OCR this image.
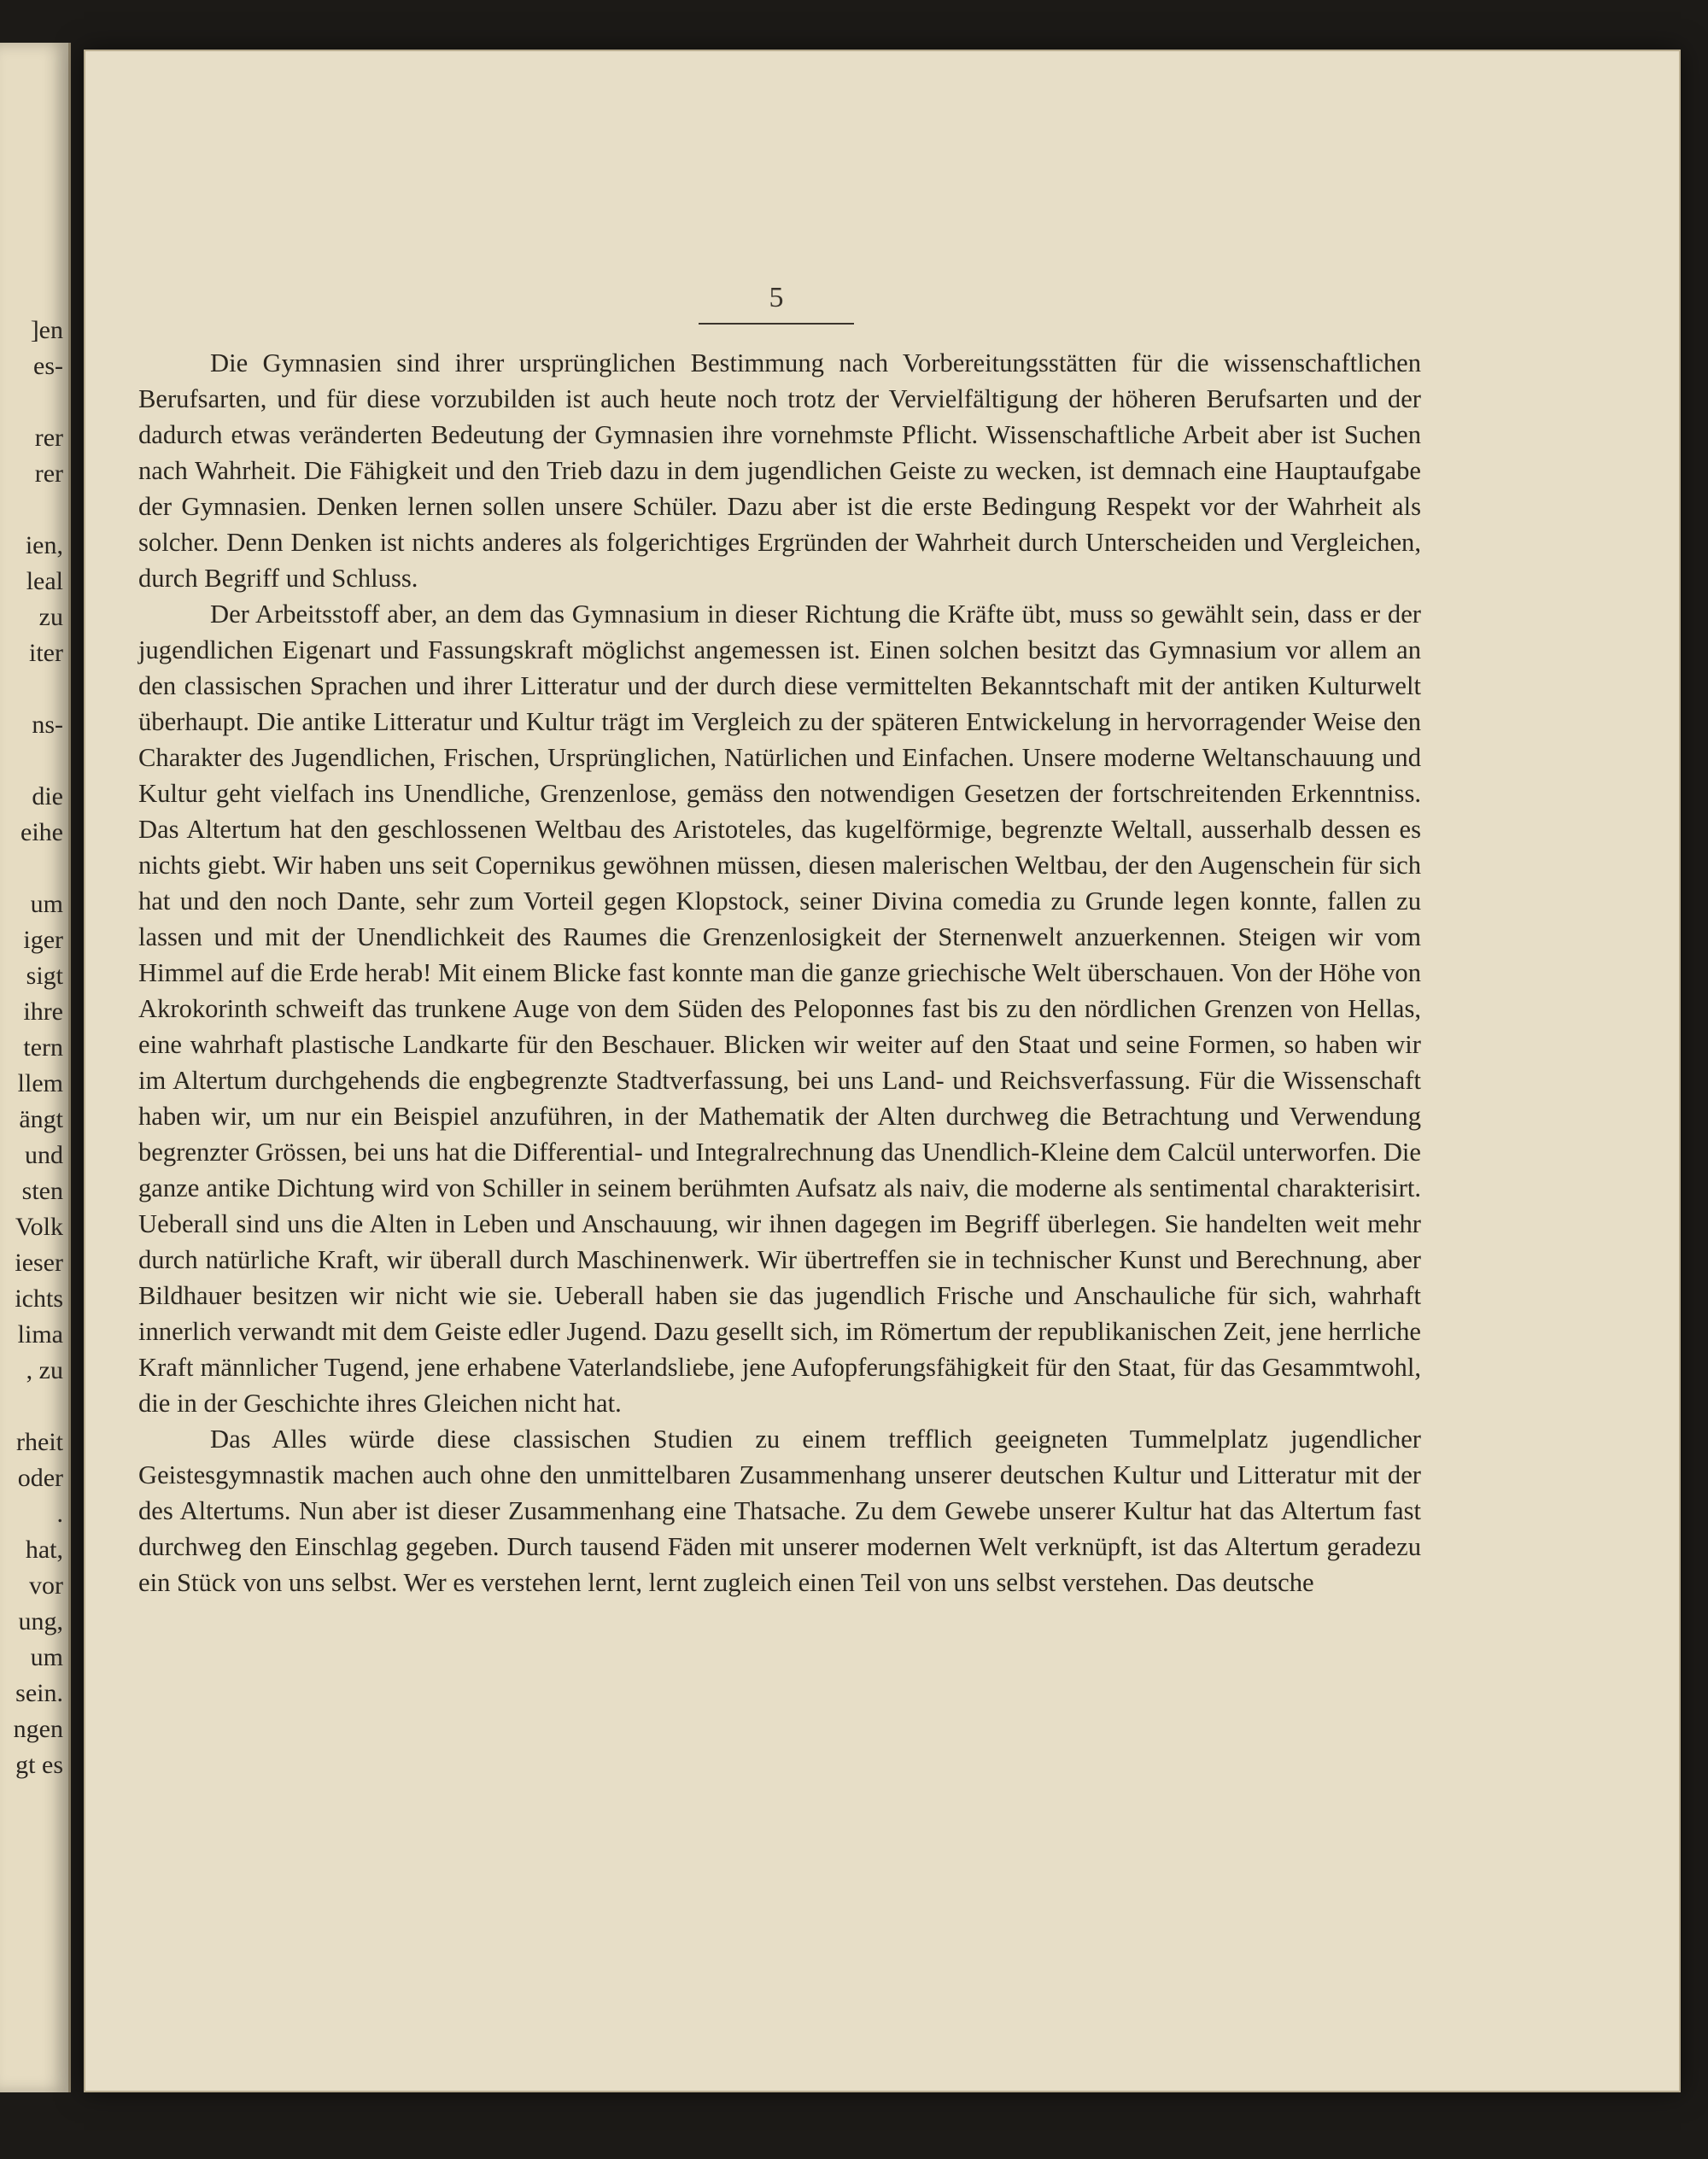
]en
es-
rer
rer
ien,
leal
zu
iter
ns-
die
eihe
um
iger
sigt
ihre
tern
llem
ängt
und
sten
Volk
ieser
ichts
lima
, zu
rheit
oder
.
hat,
vor
ung,
um
sein.
ngen
gt es
5

Die Gymnasien sind ihrer ursprünglichen Bestimmung nach Vorbereitungsstätten für die wissenschaftlichen Berufsarten, und für diese vorzubilden ist auch heute noch trotz der Vervielfältigung der höheren Berufsarten und der dadurch etwas veränderten Bedeutung der Gymnasien ihre vornehmste Pflicht. Wissenschaftliche Arbeit aber ist Suchen nach Wahrheit. Die Fähigkeit und den Trieb dazu in dem jugendlichen Geiste zu wecken, ist demnach eine Hauptaufgabe der Gymnasien. Denken lernen sollen unsere Schüler. Dazu aber ist die erste Bedingung Respekt vor der Wahrheit als solcher. Denn Denken ist nichts anderes als folgerichtiges Ergründen der Wahrheit durch Unterscheiden und Vergleichen, durch Begriff und Schluss.

Der Arbeitsstoff aber, an dem das Gymnasium in dieser Richtung die Kräfte übt, muss so gewählt sein, dass er der jugendlichen Eigenart und Fassungskraft möglichst angemessen ist. Einen solchen besitzt das Gymnasium vor allem an den classischen Sprachen und ihrer Litteratur und der durch diese vermittelten Bekanntschaft mit der antiken Kulturwelt überhaupt. Die antike Litteratur und Kultur trägt im Vergleich zu der späteren Entwickelung in hervorragender Weise den Charakter des Jugendlichen, Frischen, Ursprünglichen, Natürlichen und Einfachen. Unsere moderne Weltanschauung und Kultur geht vielfach ins Unendliche, Grenzenlose, gemäss den notwendigen Gesetzen der fortschreitenden Erkenntniss. Das Altertum hat den geschlossenen Weltbau des Aristoteles, das kugelförmige, begrenzte Weltall, ausserhalb dessen es nichts giebt. Wir haben uns seit Copernikus gewöhnen müssen, diesen malerischen Weltbau, der den Augenschein für sich hat und den noch Dante, sehr zum Vorteil gegen Klopstock, seiner Divina comedia zu Grunde legen konnte, fallen zu lassen und mit der Unendlichkeit des Raumes die Grenzenlosigkeit der Sternenwelt anzuerkennen. Steigen wir vom Himmel auf die Erde herab! Mit einem Blicke fast konnte man die ganze griechische Welt überschauen. Von der Höhe von Akrokorinth schweift das trunkene Auge von dem Süden des Peloponnes fast bis zu den nördlichen Grenzen von Hellas, eine wahrhaft plastische Landkarte für den Beschauer. Blicken wir weiter auf den Staat und seine Formen, so haben wir im Altertum durchgehends die engbegrenzte Stadtverfassung, bei uns Land- und Reichsverfassung. Für die Wissenschaft haben wir, um nur ein Beispiel anzuführen, in der Mathematik der Alten durchweg die Betrachtung und Verwendung begrenzter Grössen, bei uns hat die Differential- und Integralrechnung das Unendlich-Kleine dem Calcül unterworfen. Die ganze antike Dichtung wird von Schiller in seinem berühmten Aufsatz als naiv, die moderne als sentimental charakterisirt. Ueberall sind uns die Alten in Leben und Anschauung, wir ihnen dagegen im Begriff überlegen. Sie handelten weit mehr durch natürliche Kraft, wir überall durch Maschinenwerk. Wir übertreffen sie in technischer Kunst und Berechnung, aber Bildhauer besitzen wir nicht wie sie. Ueberall haben sie das jugendlich Frische und Anschauliche für sich, wahrhaft innerlich verwandt mit dem Geiste edler Jugend. Dazu gesellt sich, im Römertum der republikanischen Zeit, jene herrliche Kraft männlicher Tugend, jene erhabene Vaterlandsliebe, jene Aufopferungsfähigkeit für den Staat, für das Gesammtwohl, die in der Geschichte ihres Gleichen nicht hat.

Das Alles würde diese classischen Studien zu einem trefflich geeigneten Tummelplatz jugendlicher Geistesgymnastik machen auch ohne den unmittelbaren Zusammenhang unserer deutschen Kultur und Litteratur mit der des Altertums. Nun aber ist dieser Zusammenhang eine Thatsache. Zu dem Gewebe unserer Kultur hat das Altertum fast durchweg den Einschlag gegeben. Durch tausend Fäden mit unserer modernen Welt verknüpft, ist das Altertum geradezu ein Stück von uns selbst. Wer es verstehen lernt, lernt zugleich einen Teil von uns selbst verstehen. Das deutsche
